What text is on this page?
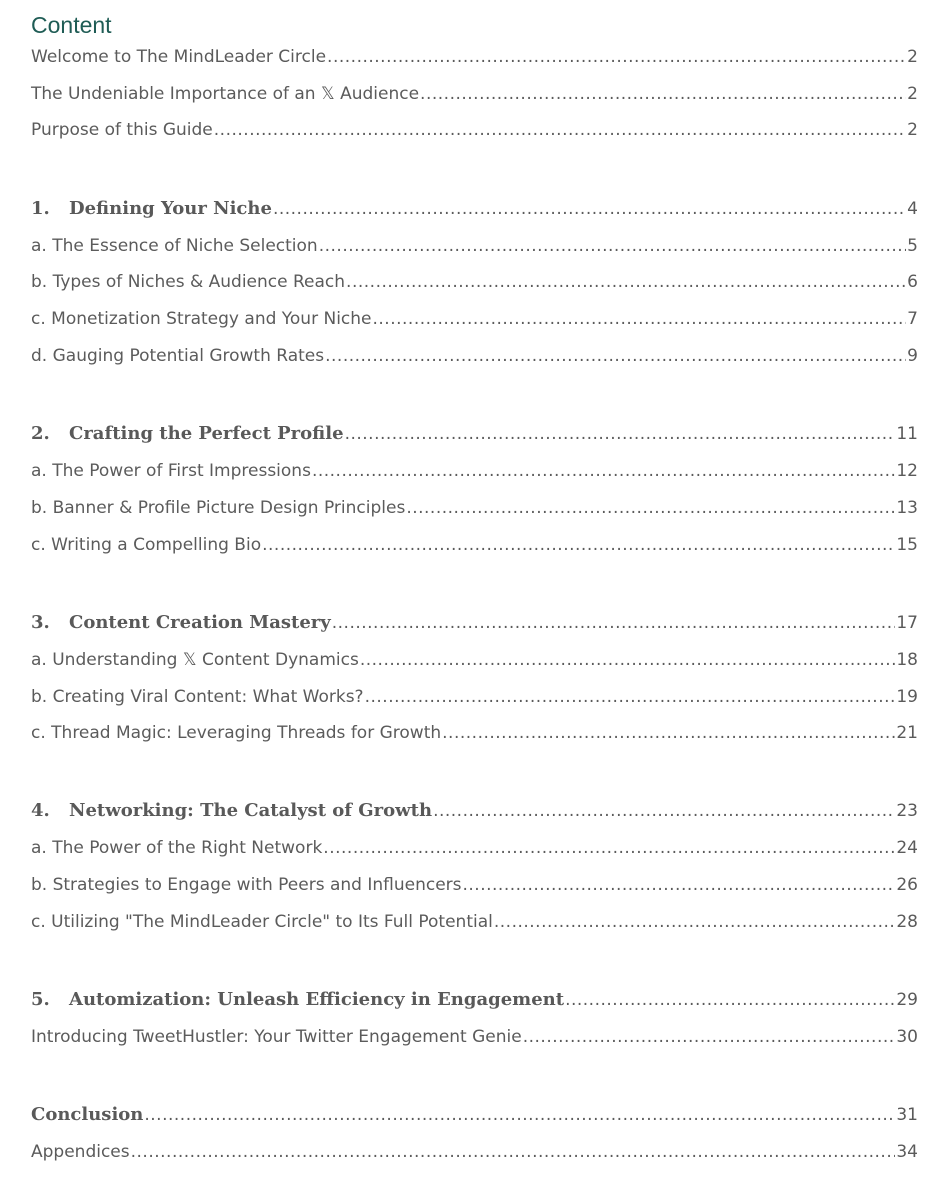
Content
Welcome to The MindLeader Circle .....	2
The Undeniable Importance of an 𝕏 Audience .....	2
Purpose of this Guide .....	2
1. Defining Your Niche .....	4
a. The Essence of Niche Selection .....	5
b. Types of Niches & Audience Reach .....	6
c. Monetization Strategy and Your Niche .....	7
d. Gauging Potential Growth Rates .....	9
2. Crafting the Perfect Profile .....	11
a. The Power of First Impressions .....	12
b. Banner & Profile Picture Design Principles .....	13
c. Writing a Compelling Bio .....	15
3. Content Creation Mastery .....	17
a. Understanding 𝕏 Content Dynamics .....	18
b. Creating Viral Content: What Works? .....	19
c. Thread Magic: Leveraging Threads for Growth .....	21
4. Networking: The Catalyst of Growth .....	23
a. The Power of the Right Network .....	24
b. Strategies to Engage with Peers and Influencers .....	26
c. Utilizing "The MindLeader Circle" to Its Full Potential .....	28
5. Automization: Unleash Efficiency in Engagement .....	29
Introducing TweetHustler: Your Twitter Engagement Genie .....	30
Conclusion .....	31
Appendices .....	34
